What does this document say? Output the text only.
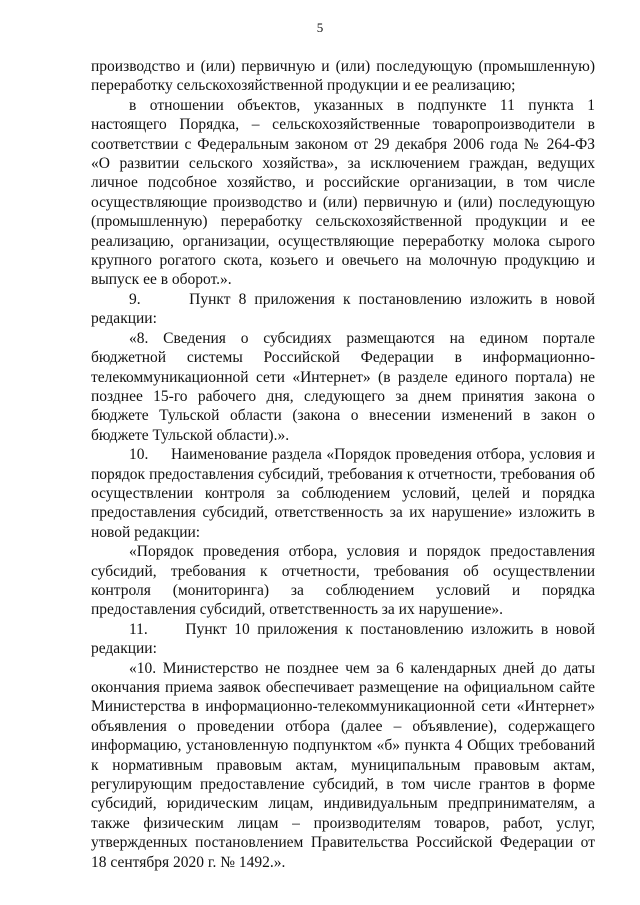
5

производство и (или) первичную и (или) последующую (промышленную) переработку сельскохозяйственной продукции и ее реализацию;

в отношении объектов, указанных в подпункте 11 пункта 1 настоящего Порядка, – сельскохозяйственные товаропроизводители в соответствии с Федеральным законом от 29 декабря 2006 года № 264-ФЗ «О развитии сельского хозяйства», за исключением граждан, ведущих личное подсобное хозяйство, и российские организации, в том числе осуществляющие производство и (или) первичную и (или) последующую (промышленную) переработку сельскохозяйственной продукции и ее реализацию, организации, осуществляющие переработку молока сырого крупного рогатого скота, козьего и овечьего на молочную продукцию и выпуск ее в оборот.».

9.      Пункт 8 приложения к постановлению изложить в новой редакции:

«8. Сведения о субсидиях размещаются на едином портале бюджетной системы Российской Федерации в информационно-телекоммуникационной сети «Интернет» (в разделе единого портала) не позднее 15-го рабочего дня, следующего за днем принятия закона о бюджете Тульской области (закона о внесении изменений в закон о бюджете Тульской области).».

10.     Наименование раздела «Порядок проведения отбора, условия и порядок предоставления субсидий, требования к отчетности, требования об осуществлении контроля за соблюдением условий, целей и порядка предоставления субсидий, ответственность за их нарушение» изложить в новой редакции:

«Порядок проведения отбора, условия и порядок предоставления субсидий, требования к отчетности, требования об осуществлении контроля (мониторинга) за соблюдением условий и порядка предоставления субсидий, ответственность за их нарушение».

11.     Пункт 10 приложения к постановлению изложить в новой редакции:

«10. Министерство не позднее чем за 6 календарных дней до даты окончания приема заявок обеспечивает размещение на официальном сайте Министерства в информационно-телекоммуникационной сети «Интернет» объявления о проведении отбора (далее – объявление), содержащего информацию, установленную подпунктом «б» пункта 4 Общих требований к нормативным правовым актам, муниципальным правовым актам, регулирующим предоставление субсидий, в том числе грантов в форме субсидий, юридическим лицам, индивидуальным предпринимателям, а также физическим лицам – производителям товаров, работ, услуг, утвержденных постановлением Правительства Российской Федерации от 18 сентября 2020 г. № 1492.».
